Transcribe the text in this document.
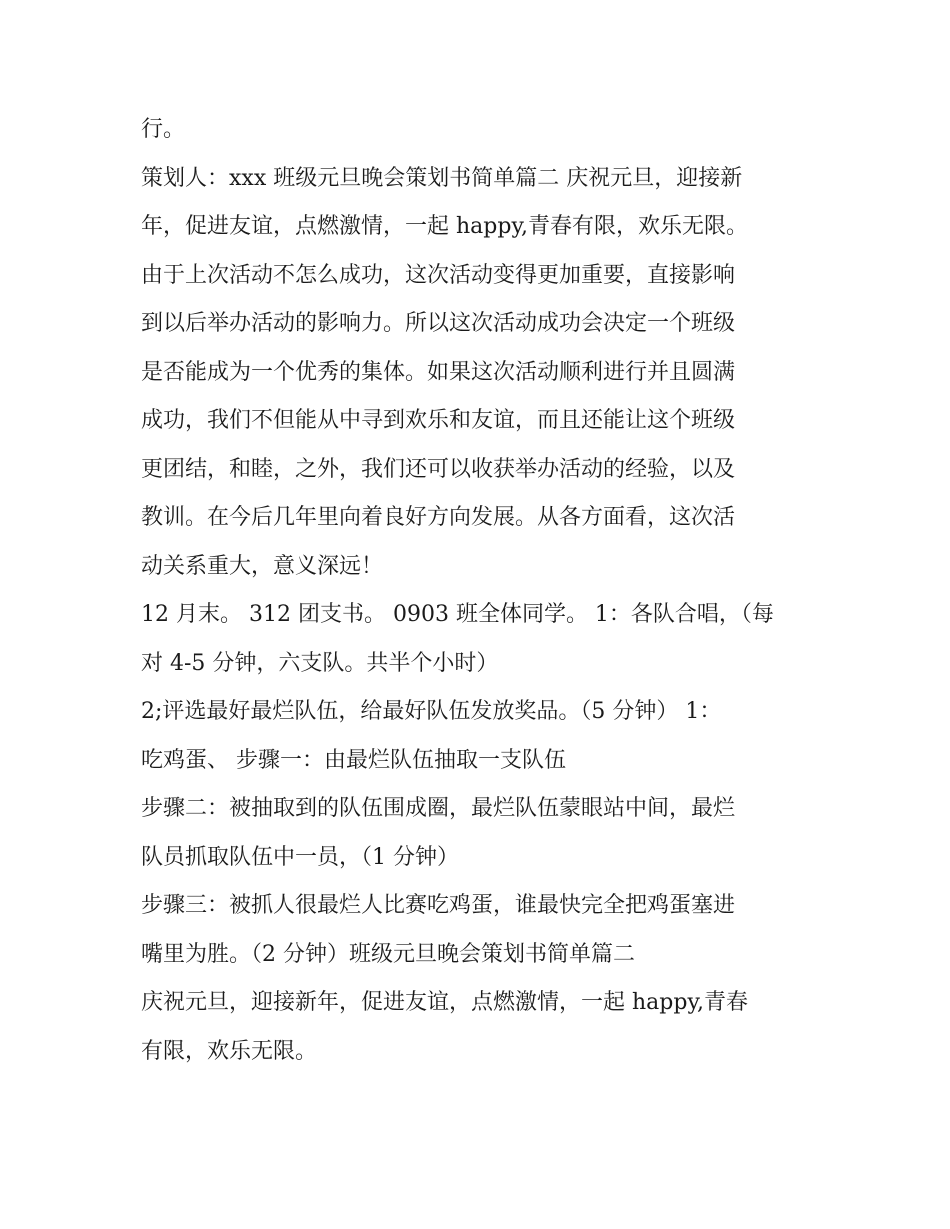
行。
策划人：xxx 班级元旦晚会策划书简单篇二 庆祝元旦，迎接新
年，促进友谊，点燃激情，一起 happy,青春有限，欢乐无限。
由于上次活动不怎么成功，这次活动变得更加重要，直接影响
到以后举办活动的影响力。所以这次活动成功会决定一个班级
是否能成为一个优秀的集体。如果这次活动顺利进行并且圆满
成功，我们不但能从中寻到欢乐和友谊，而且还能让这个班级
更团结，和睦，之外，我们还可以收获举办活动的经验，以及
教训。在今后几年里向着良好方向发展。从各方面看，这次活
动关系重大，意义深远！
12 月末。 312 团支书。 0903 班全体同学。 1：各队合唱，（每
对 4-5 分钟，六支队。共半个小时）
2;评选最好最烂队伍，给最好队伍发放奖品。（5 分钟） 1：
吃鸡蛋、 步骤一：由最烂队伍抽取一支队伍
步骤二：被抽取到的队伍围成圈，最烂队伍蒙眼站中间，最烂
队员抓取队伍中一员，（1 分钟）
步骤三：被抓人很最烂人比赛吃鸡蛋，谁最快完全把鸡蛋塞进
嘴里为胜。（2 分钟）班级元旦晚会策划书简单篇二
庆祝元旦，迎接新年，促进友谊，点燃激情，一起 happy,青春
有限，欢乐无限。
